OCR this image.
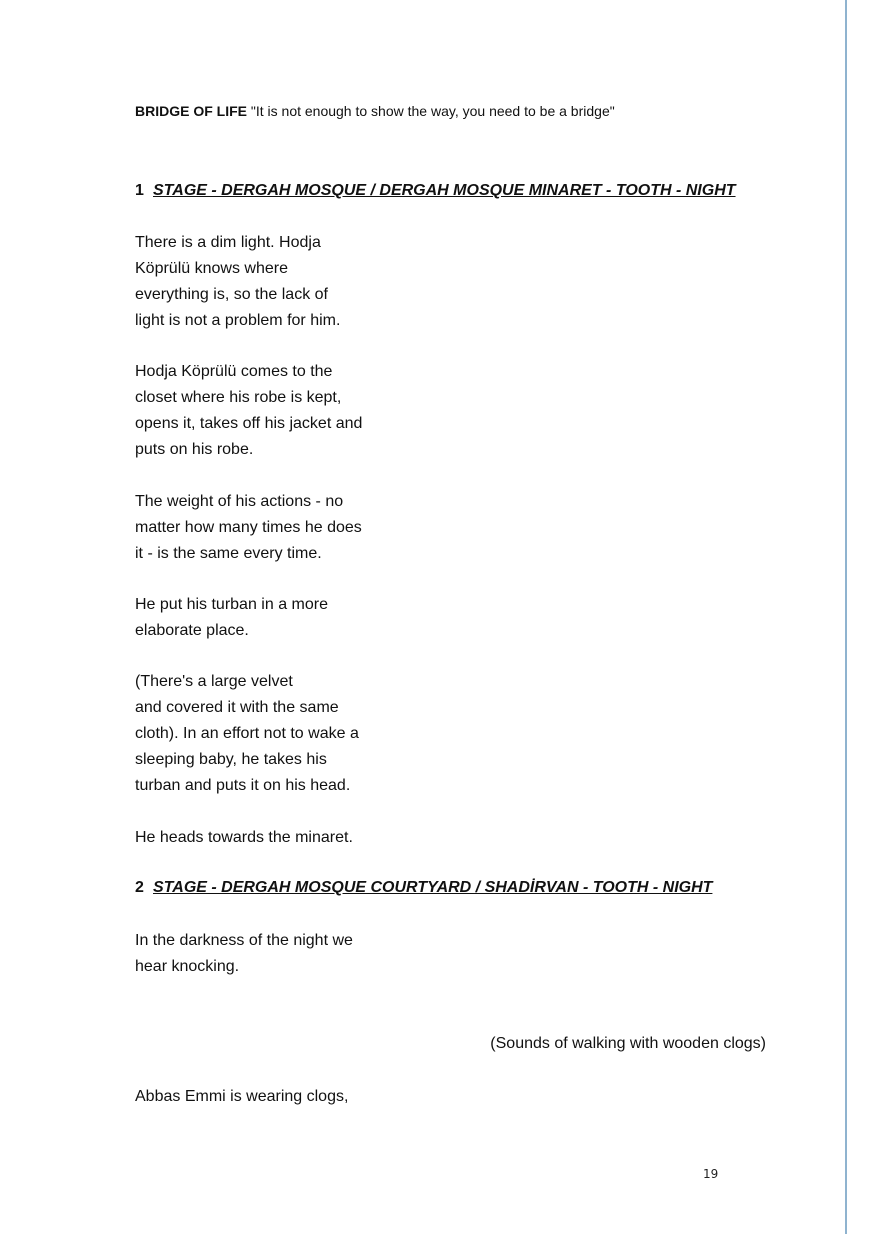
BRIDGE OF LIFE "It is not enough to show the way, you need to be a bridge"
1 STAGE - DERGAH MOSQUE / DERGAH MOSQUE MINARET - TOOTH - NIGHT

There is a dim light. Hodja
Köprülü knows where
everything is, so the lack of
light is not a problem for him.

Hodja Köprülü comes to the
closet where his robe is kept,
opens it, takes off his jacket and
puts on his robe.

The weight of his actions - no
matter how many times he does
it - is the same every time.

He put his turban in a more
elaborate place.

(There's a large velvet
and covered it with the same
cloth). In an effort not to wake a
sleeping baby, he takes his
turban and puts it on his head.

He heads towards the minaret.

2 STAGE - DERGAH MOSQUE COURTYARD / SHADİRVAN - TOOTH - NIGHT

In the darkness of the night we
hear knocking.

(Sounds of walking with wooden clogs)

Abbas Emmi is wearing clogs,

19
